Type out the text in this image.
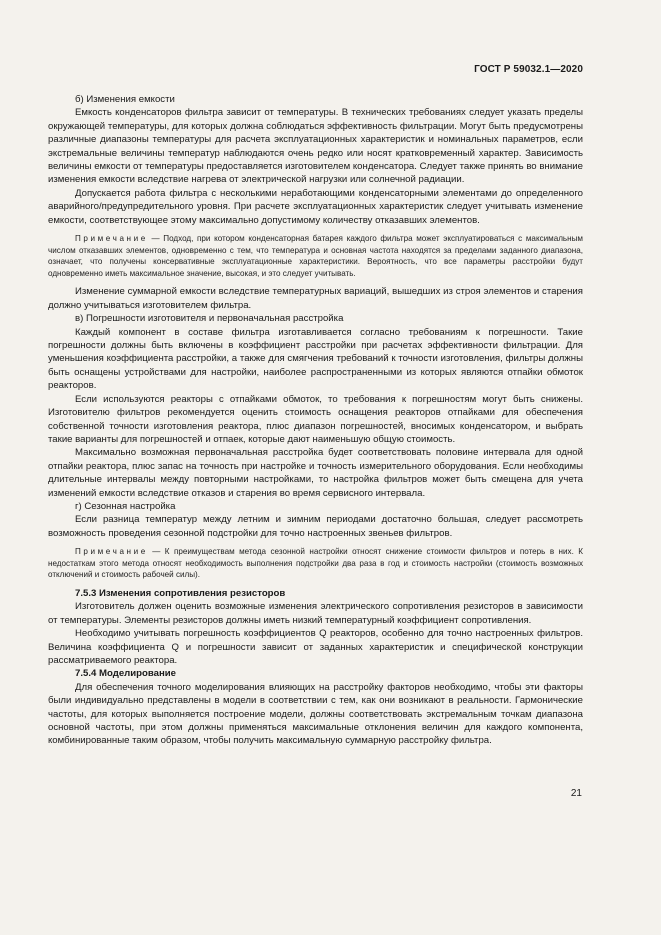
ГОСТ Р 59032.1—2020

б) Изменения емкости

Емкость конденсаторов фильтра зависит от температуры. В технических требованиях следует указать пределы окружающей температуры, для которых должна соблюдаться эффективность фильтрации. Могут быть предусмотрены различные диапазоны температуры для расчета эксплуатационных характеристик и номинальных параметров, если экстремальные величины температур наблюдаются очень редко или носят кратковременный характер. Зависимость величины емкости от температуры предоставляется изготовителем конденсатора. Следует также принять во внимание изменения емкости вследствие нагрева от электрической нагрузки или солнечной радиации.

Допускается работа фильтра с несколькими неработающими конденсаторными элементами до определенного аварийного/предупредительного уровня. При расчете эксплуатационных характеристик следует учитывать изменение емкости, соответствующее этому максимально допустимому количеству отказавших элементов.

Примечание — Подход, при котором конденсаторная батарея каждого фильтра может эксплуатироваться с максимальным числом отказавших элементов, одновременно с тем, что температура и основная частота находятся за пределами заданного диапазона, означает, что получены консервативные эксплуатационные характеристики. Вероятность, что все параметры расстройки будут одновременно иметь максимальное значение, высокая, и это следует учитывать.

Изменение суммарной емкости вследствие температурных вариаций, вышедших из строя элементов и старения должно учитываться изготовителем фильтра.

в) Погрешности изготовителя и первоначальная расстройка

Каждый компонент в составе фильтра изготавливается согласно требованиям к погрешности. Такие погрешности должны быть включены в коэффициент расстройки при расчетах эффективности фильтрации. Для уменьшения коэффициента расстройки, а также для смягчения требований к точности изготовления, фильтры должны быть оснащены устройствами для настройки, наиболее распространенными из которых являются отпайки обмоток реакторов.

Если используются реакторы с отпайками обмоток, то требования к погрешностям могут быть снижены. Изготовителю фильтров рекомендуется оценить стоимость оснащения реакторов отпайками для обеспечения собственной точности изготовления реактора, плюс диапазон погрешностей, вносимых конденсатором, и выбрать такие варианты для погрешностей и отпаек, которые дают наименьшую общую стоимость.

Максимально возможная первоначальная расстройка будет соответствовать половине интервала для одной отпайки реактора, плюс запас на точность при настройке и точность измерительного оборудования. Если необходимы длительные интервалы между повторными настройками, то настройка фильтров может быть смещена для учета изменений емкости вследствие отказов и старения во время сервисного интервала.

г) Сезонная настройка

Если разница температур между летним и зимним периодами достаточно большая, следует рассмотреть возможность проведения сезонной подстройки для точно настроенных звеньев фильтров.

Примечание — К преимуществам метода сезонной настройки относят снижение стоимости фильтров и потерь в них. К недостаткам этого метода относят необходимость выполнения подстройки два раза в год и стоимость настройки (стоимость возможных отключений и стоимость рабочей силы).

7.5.3 Изменения сопротивления резисторов

Изготовитель должен оценить возможные изменения электрического сопротивления резисторов в зависимости от температуры. Элементы резисторов должны иметь низкий температурный коэффициент сопротивления.

Необходимо учитывать погрешность коэффициентов Q реакторов, особенно для точно настроенных фильтров. Величина коэффициента Q и погрешности зависит от заданных характеристик и специфической конструкции рассматриваемого реактора.

7.5.4 Моделирование

Для обеспечения точного моделирования влияющих на расстройку факторов необходимо, чтобы эти факторы были индивидуально представлены в модели в соответствии с тем, как они возникают в реальности. Гармонические частоты, для которых выполняется построение модели, должны соответствовать экстремальным точкам диапазона основной частоты, при этом должны применяться максимальные отклонения величин для каждого компонента, комбинированные таким образом, чтобы получить максимальную суммарную расстройку фильтра.

21
